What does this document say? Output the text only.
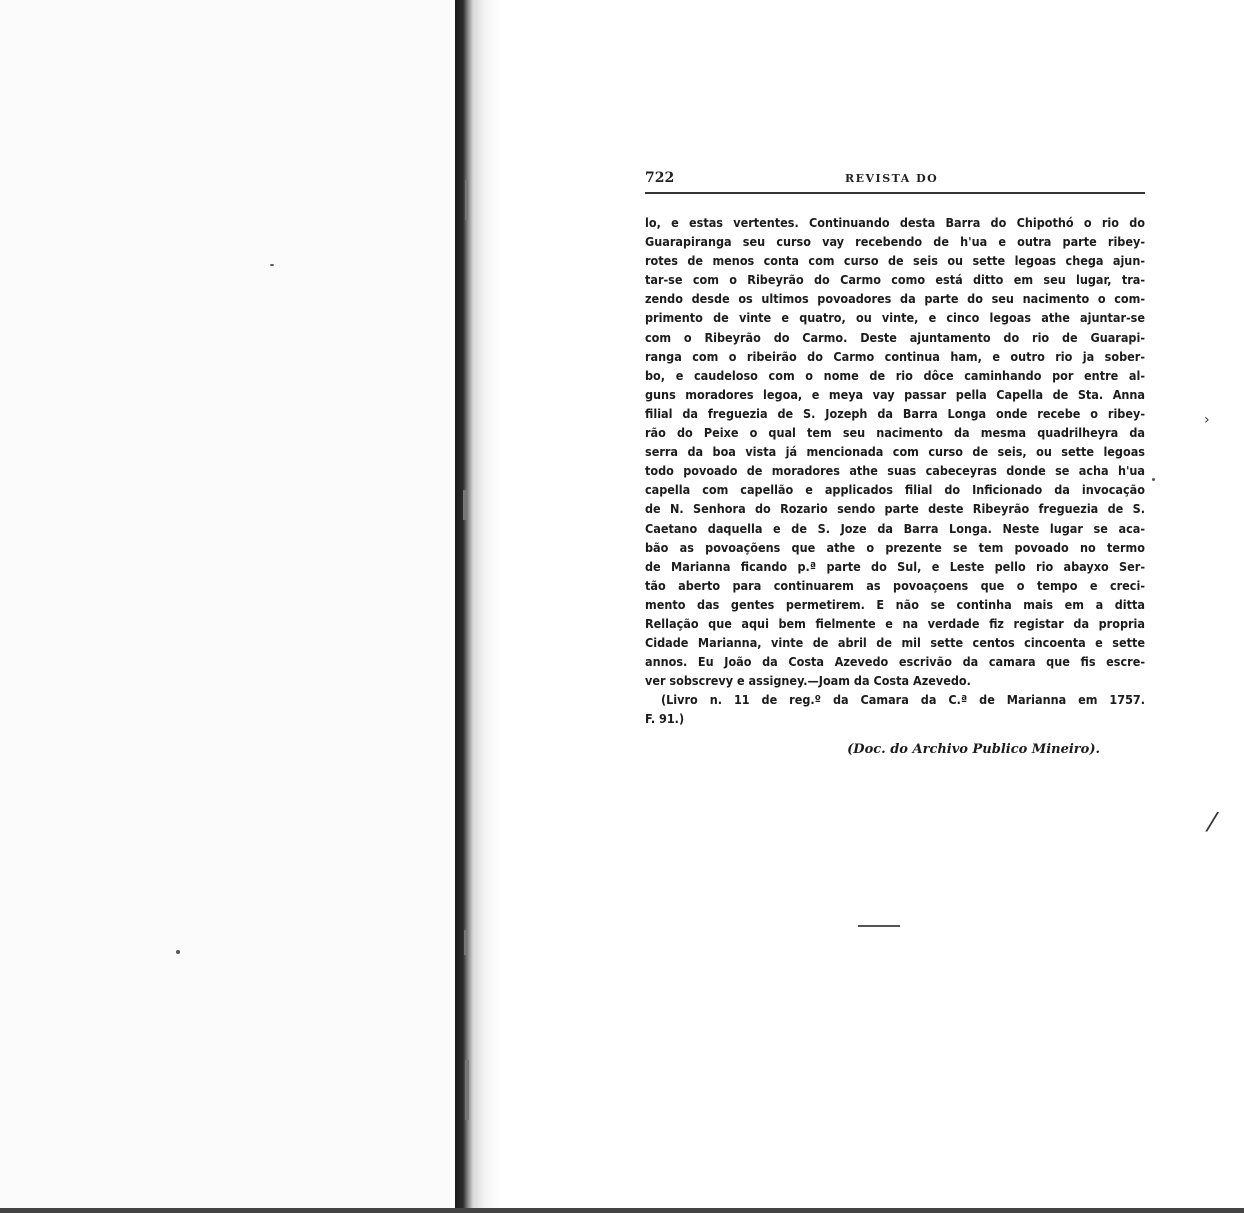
›
⁄
722	REVISTA DO
lo, e estas vertentes. Continuando desta Barra do Chipothó o rio do
Guarapiranga seu curso vay recebendo de h'ua e outra parte ribey-
rotes de menos conta com curso de seis ou sette legoas chega ajun-
tar-se com o Ribeyrão do Carmo como está ditto em seu lugar, tra-
zendo desde os ultimos povoadores da parte do seu nacimento o com-
primento de vinte e quatro, ou vinte, e cinco legoas athe ajuntar-se
com o Ribeyrão do Carmo. Deste ajuntamento do rio de Guarapi-
ranga com o ribeirão do Carmo continua ham, e outro rio ja sober-
bo, e caudeloso com o nome de rio dôce caminhando por entre al-
guns moradores legoa, e meya vay passar pella Capella de Sta. Anna
filial da freguezia de S. Jozeph da Barra Longa onde recebe o ribey-
rão do Peixe o qual tem seu nacimento da mesma quadrilheyra da
serra da boa vista já mencionada com curso de seis, ou sette legoas
todo povoado de moradores athe suas cabeceyras donde se acha h'ua
capella com capellão e applicados filial do Inficionado da invocação
de N. Senhora do Rozario sendo parte deste Ribeyrão freguezia de S.
Caetano daquella e de S. Joze da Barra Longa. Neste lugar se aca-
bão as povoaçõens que athe o prezente se tem povoado no termo
de Marianna ficando p.ª parte do Sul, e Leste pello rio abayxo Ser-
tão aberto para continuarem as povoaçoens que o tempo e creci-
mento das gentes permetirem. E não se continha mais em a ditta
Rellação que aqui bem fielmente e na verdade fiz registar da propria
Cidade Marianna, vinte de abril de mil sette centos cincoenta e sette
annos. Eu João da Costa Azevedo escrivão da camara que fis escre-
ver sobscrevy e assigney.—Joam da Costa Azevedo.
(Livro n. 11 de reg.º da Camara da C.ª de Marianna em 1757.
F. 91.)
(Doc. do Archivo Publico Mineiro).
